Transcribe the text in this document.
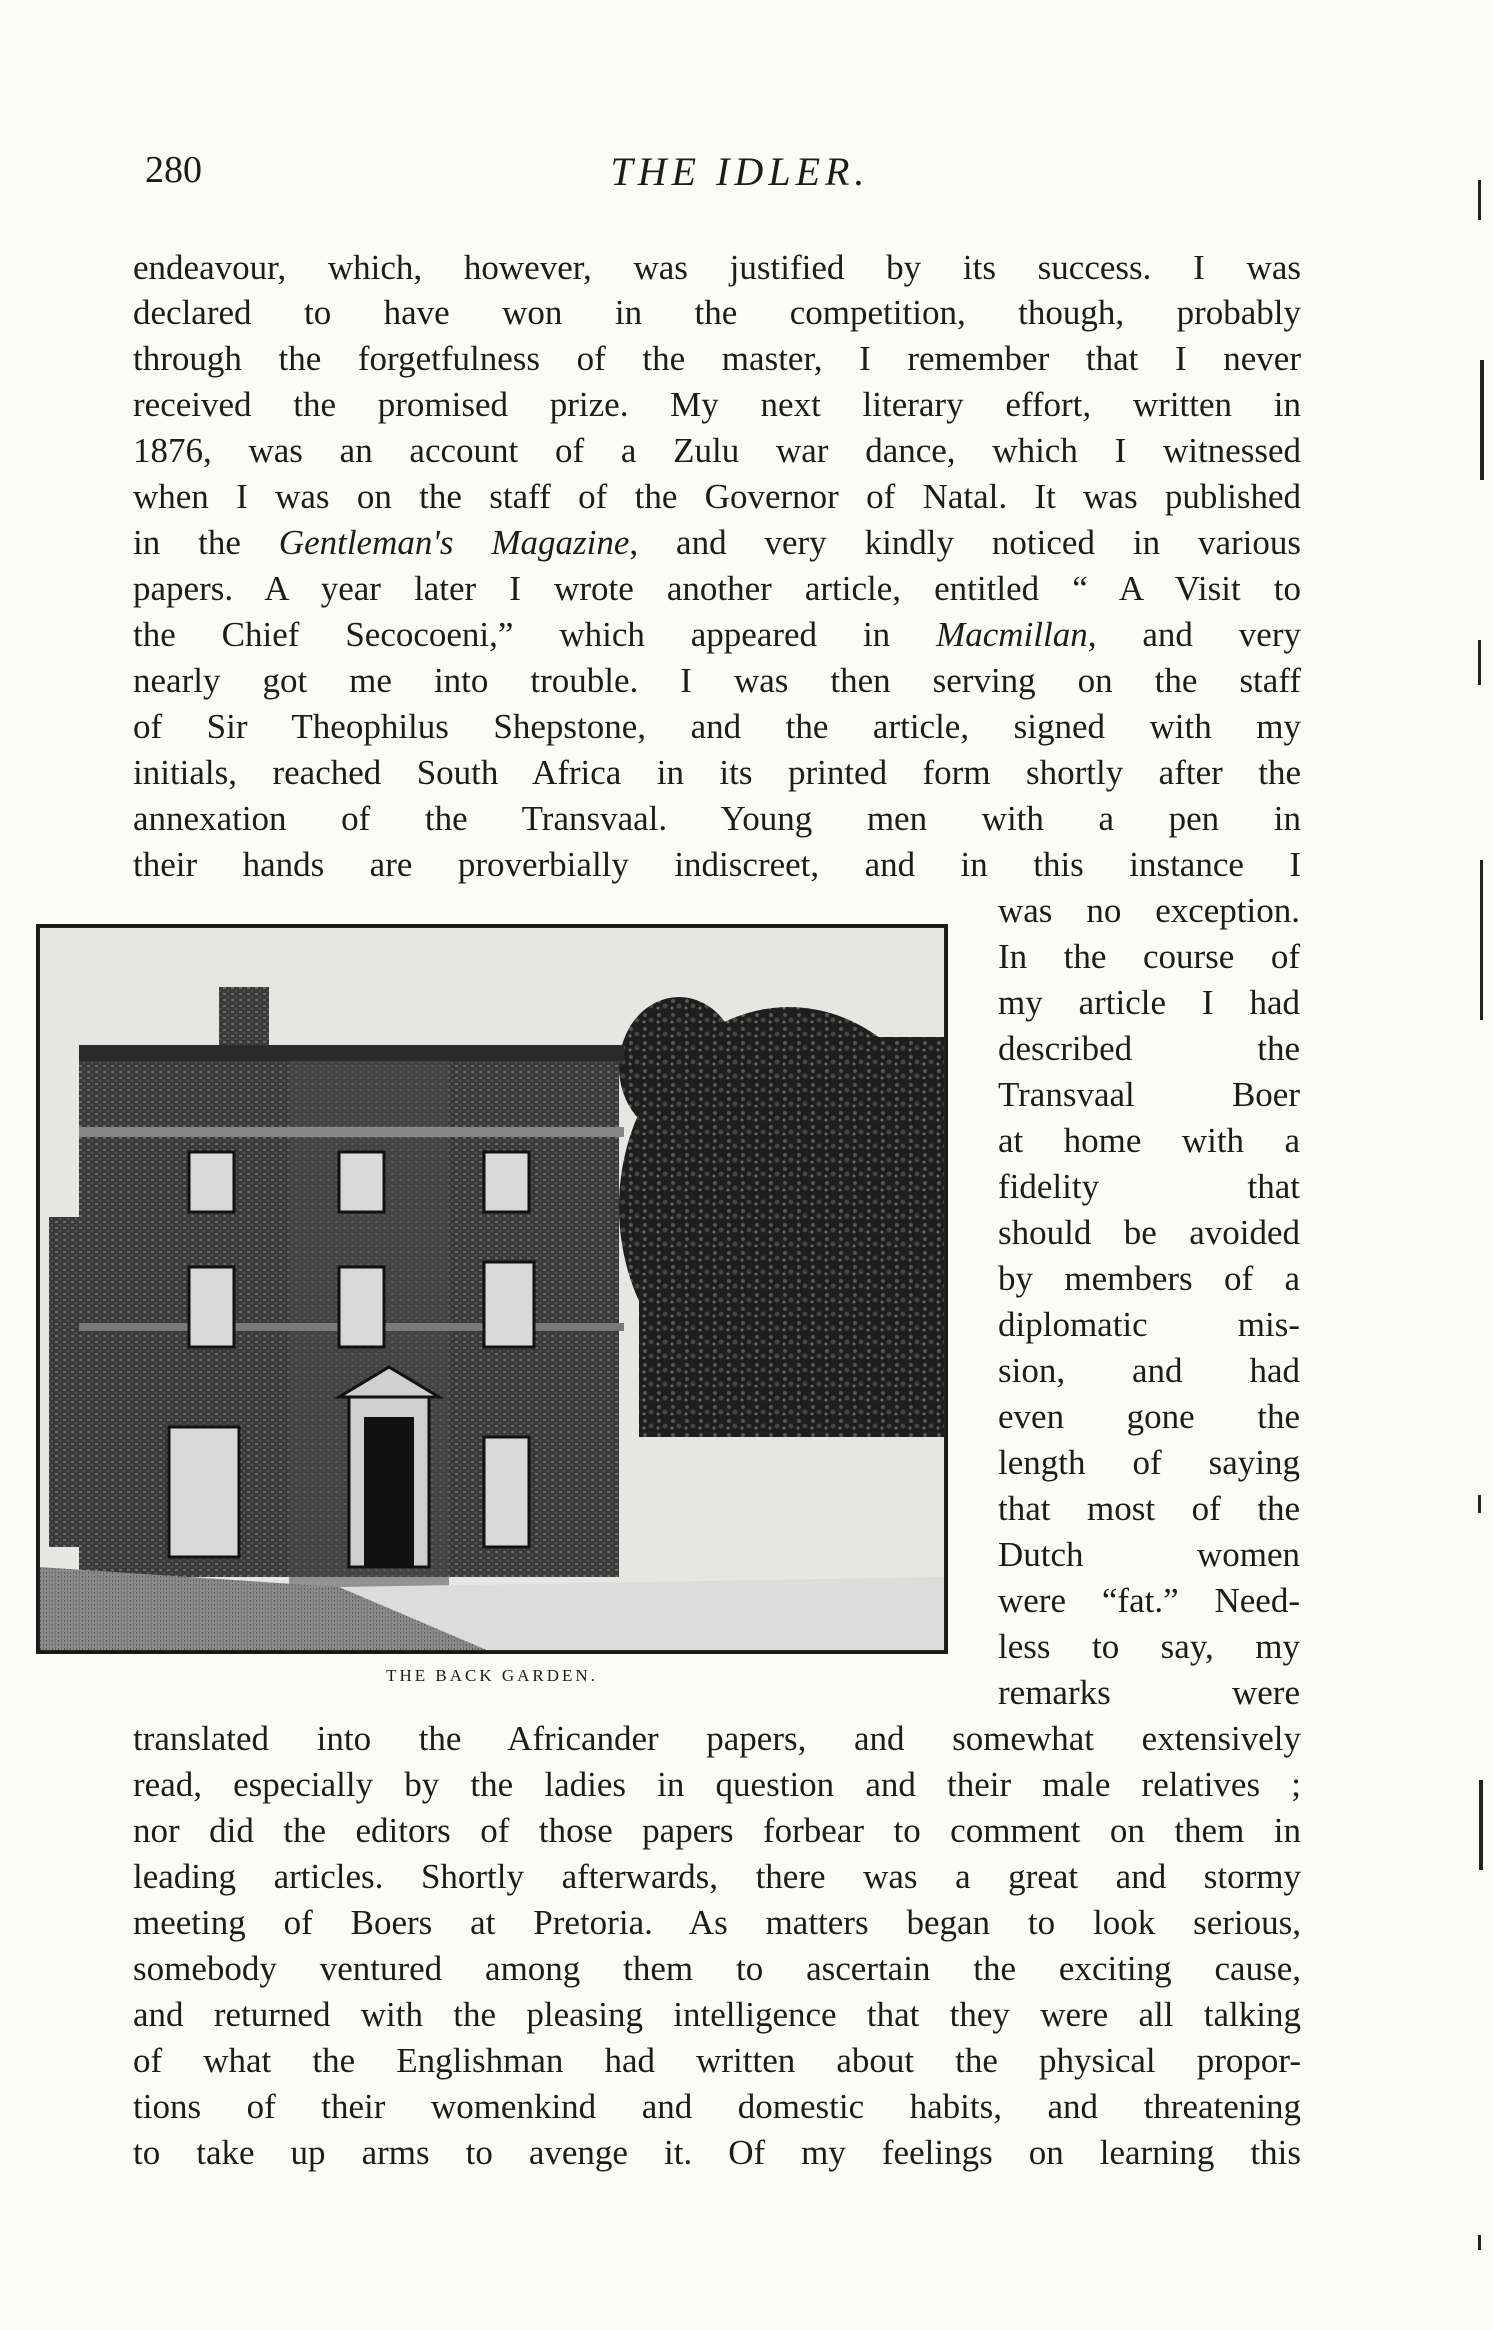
280	THE IDLER.
endeavour, which, however, was justified by its success. I was
declared to have won in the competition, though, probably
through the forgetfulness of the master, I remember that I never
received the promised prize. My next literary effort, written in
1876, was an account of a Zulu war dance, which I witnessed
when I was on the staff of the Governor of Natal. It was published
in the Gentleman's Magazine, and very kindly noticed in various
papers. A year later I wrote another article, entitled “ A Visit to
the Chief Secocoeni,” which appeared in Macmillan, and very
nearly got me into trouble. I was then serving on the staff
of Sir Theophilus Shepstone, and the article, signed with my
initials, reached South Africa in its printed form shortly after the
annexation of the Transvaal. Young men with a pen in
their hands are proverbially indiscreet, and in this instance I
was no exception.
In the course of
my article I had
described the
Transvaal Boer
at home with a
fidelity that
should be avoided
by members of a
diplomatic mis-
sion, and had
even gone the
length of saying
that most of the
Dutch women
were “fat.” Need-
less to say, my
remarks were
translated into the Africander papers, and somewhat extensively
read, especially by the ladies in question and their male relatives ;
nor did the editors of those papers forbear to comment on them in
leading articles. Shortly afterwards, there was a great and stormy
meeting of Boers at Pretoria. As matters began to look serious,
somebody ventured among them to ascertain the exciting cause,
and returned with the pleasing intelligence that they were all talking
of what the Englishman had written about the physical propor-
tions of their womenkind and domestic habits, and threatening
to take up arms to avenge it. Of my feelings on learning this
THE BACK GARDEN.
